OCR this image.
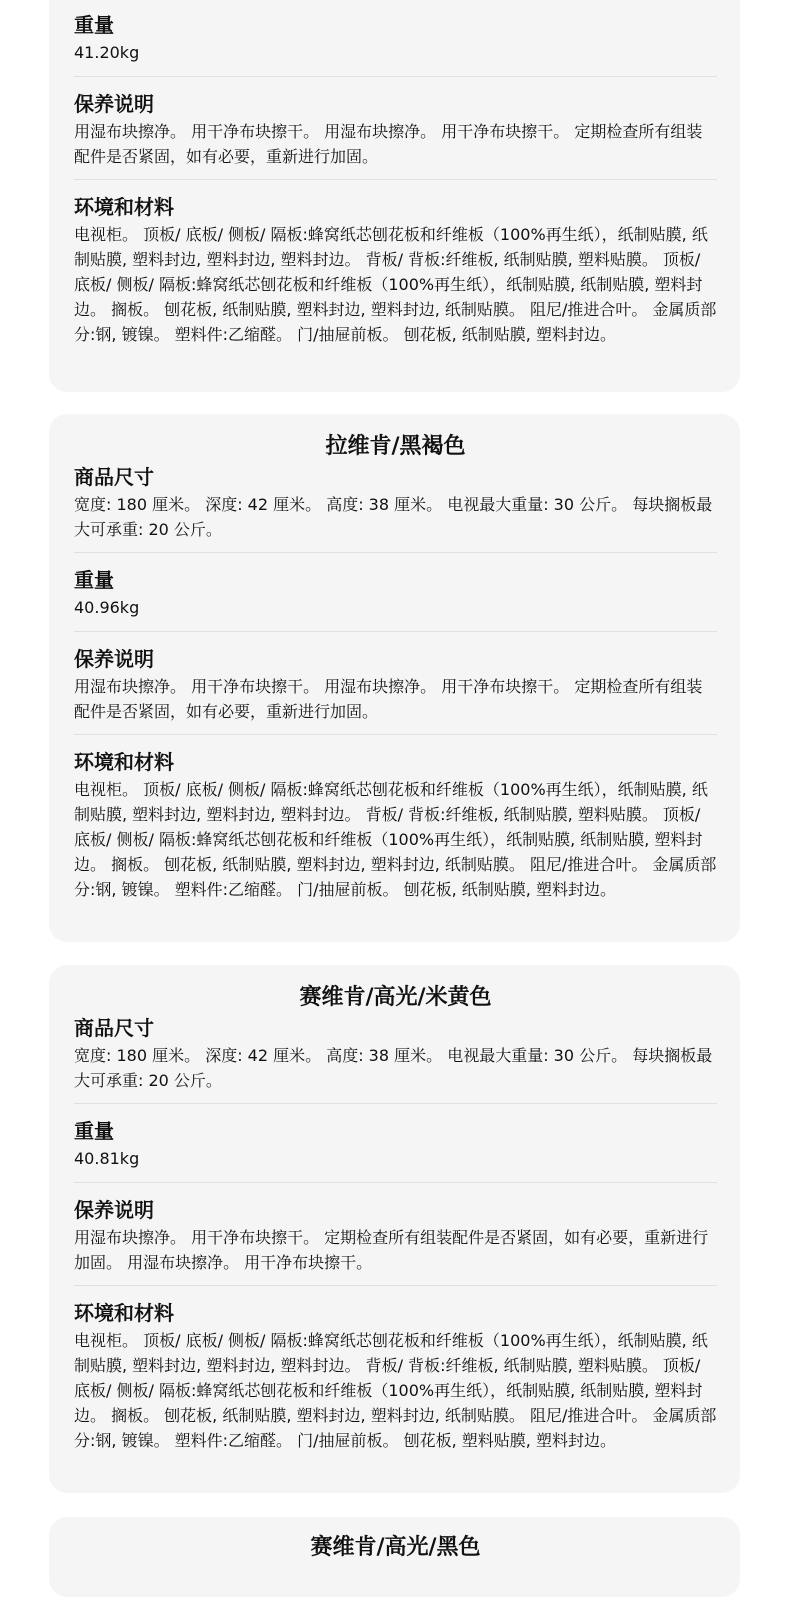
重量

41.20kg

保养说明

用湿布块擦净。 用干净布块擦干。 用湿布块擦净。 用干净布块擦干。 定期检查所有组装配件是否紧固，如有必要，重新进行加固。

环境和材料

电视柜。 顶板/ 底板/ 侧板/ 隔板:蜂窝纸芯刨花板和纤维板（100%再生纸），纸制贴膜, 纸制贴膜, 塑料封边, 塑料封边, 塑料封边。 背板/ 背板:纤维板, 纸制贴膜, 塑料贴膜。 顶板/ 底板/ 侧板/ 隔板:蜂窝纸芯刨花板和纤维板（100%再生纸），纸制贴膜, 纸制贴膜, 塑料封边。 搁板。 刨花板, 纸制贴膜, 塑料封边, 塑料封边, 纸制贴膜。 阻尼/推进合叶。 金属质部分:钢, 镀镍。 塑料件:乙缩醛。 门/抽屉前板。 刨花板, 纸制贴膜, 塑料封边。

拉维肯/黑褐色

商品尺寸

宽度: 180 厘米。 深度: 42 厘米。 高度: 38 厘米。 电视最大重量: 30 公斤。 每块搁板最大可承重: 20 公斤。

重量

40.96kg

保养说明

用湿布块擦净。 用干净布块擦干。 用湿布块擦净。 用干净布块擦干。 定期检查所有组装配件是否紧固，如有必要，重新进行加固。

环境和材料

电视柜。 顶板/ 底板/ 侧板/ 隔板:蜂窝纸芯刨花板和纤维板（100%再生纸），纸制贴膜, 纸制贴膜, 塑料封边, 塑料封边, 塑料封边。 背板/ 背板:纤维板, 纸制贴膜, 塑料贴膜。 顶板/ 底板/ 侧板/ 隔板:蜂窝纸芯刨花板和纤维板（100%再生纸），纸制贴膜, 纸制贴膜, 塑料封边。 搁板。 刨花板, 纸制贴膜, 塑料封边, 塑料封边, 纸制贴膜。 阻尼/推进合叶。 金属质部分:钢, 镀镍。 塑料件:乙缩醛。 门/抽屉前板。 刨花板, 纸制贴膜, 塑料封边。

赛维肯/高光/米黄色

商品尺寸

宽度: 180 厘米。 深度: 42 厘米。 高度: 38 厘米。 电视最大重量: 30 公斤。 每块搁板最大可承重: 20 公斤。

重量

40.81kg

保养说明

用湿布块擦净。 用干净布块擦干。 定期检查所有组装配件是否紧固，如有必要，重新进行加固。 用湿布块擦净。 用干净布块擦干。

环境和材料

电视柜。 顶板/ 底板/ 侧板/ 隔板:蜂窝纸芯刨花板和纤维板（100%再生纸），纸制贴膜, 纸制贴膜, 塑料封边, 塑料封边, 塑料封边。 背板/ 背板:纤维板, 纸制贴膜, 塑料贴膜。 顶板/ 底板/ 侧板/ 隔板:蜂窝纸芯刨花板和纤维板（100%再生纸），纸制贴膜, 纸制贴膜, 塑料封边。 搁板。 刨花板, 纸制贴膜, 塑料封边, 塑料封边, 纸制贴膜。 阻尼/推进合叶。 金属质部分:钢, 镀镍。 塑料件:乙缩醛。 门/抽屉前板。 刨花板, 塑料贴膜, 塑料封边。

赛维肯/高光/黑色
